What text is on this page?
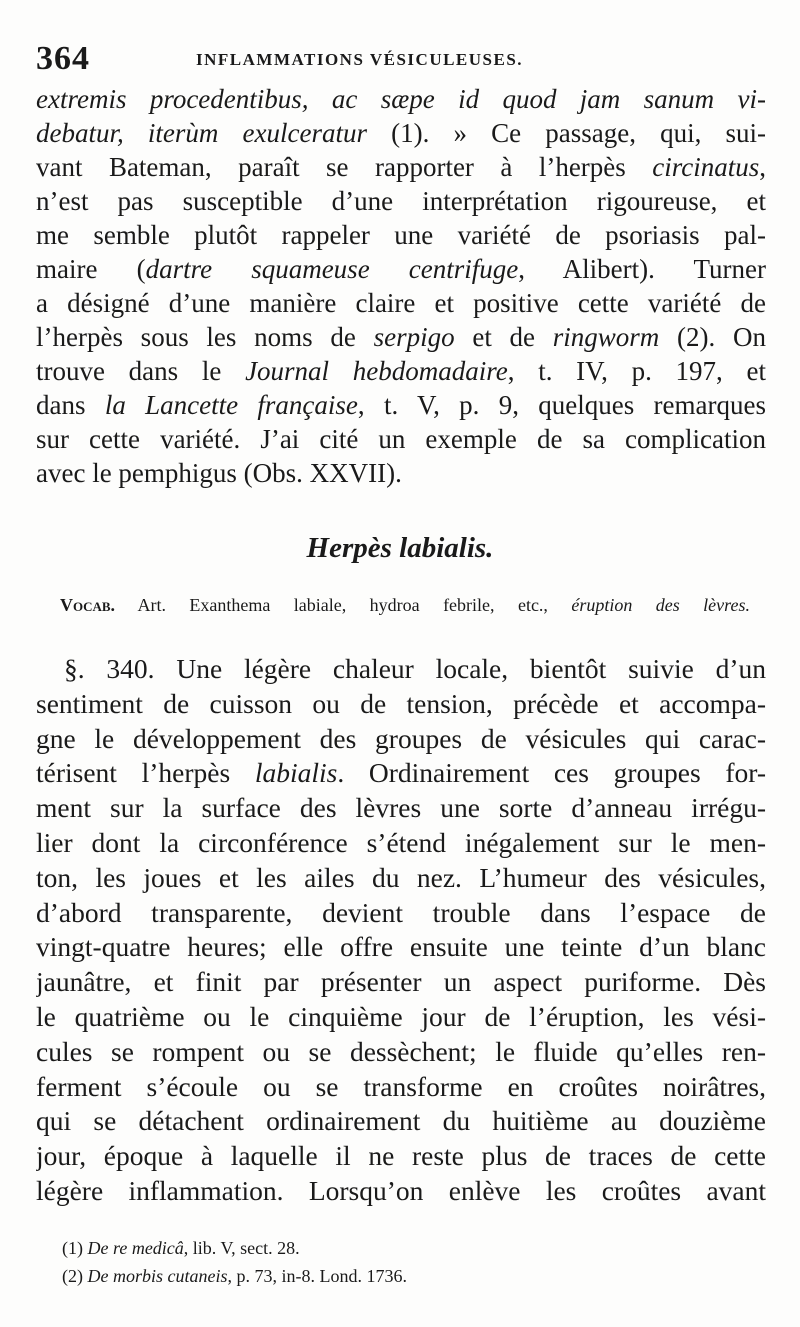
364	INFLAMMATIONS VÉSICULEUSES.
extremis procedentibus, ac sæpe id quod jam sanum vi-
debatur, iterùm exulceratur (1). » Ce passage, qui, sui-
vant Bateman, paraît se rapporter à l’herpès circinatus,
n’est pas susceptible d’une interprétation rigoureuse, et
me semble plutôt rappeler une variété de psoriasis pal-
maire (dartre squameuse centrifuge, Alibert). Turner
a désigné d’une manière claire et positive cette variété de
l’herpès sous les noms de serpigo et de ringworm (2). On
trouve dans le Journal hebdomadaire, t. IV, p. 197, et
dans la Lancette française, t. V, p. 9, quelques remarques
sur cette variété. J’ai cité un exemple de sa complication
avec le pemphigus (Obs. XXVII).
Herpès labialis.
Vocab. Art. Exanthema labiale, hydroa febrile, etc., éruption des lèvres.
§. 340. Une légère chaleur locale, bientôt suivie d’un
sentiment de cuisson ou de tension, précède et accompa-
gne le développement des groupes de vésicules qui carac-
térisent l’herpès labialis. Ordinairement ces groupes for-
ment sur la surface des lèvres une sorte d’anneau irrégu-
lier dont la circonférence s’étend inégalement sur le men-
ton, les joues et les ailes du nez. L’humeur des vésicules,
d’abord transparente, devient trouble dans l’espace de
vingt-quatre heures; elle offre ensuite une teinte d’un blanc
jaunâtre, et finit par présenter un aspect puriforme. Dès
le quatrième ou le cinquième jour de l’éruption, les vési-
cules se rompent ou se dessèchent; le fluide qu’elles ren-
ferment s’écoule ou se transforme en croûtes noirâtres,
qui se détachent ordinairement du huitième au douzième
jour, époque à laquelle il ne reste plus de traces de cette
légère inflammation. Lorsqu’on enlève les croûtes avant
(1) De re medicâ, lib. V, sect. 28.
(2) De morbis cutaneis, p. 73, in-8. Lond. 1736.
